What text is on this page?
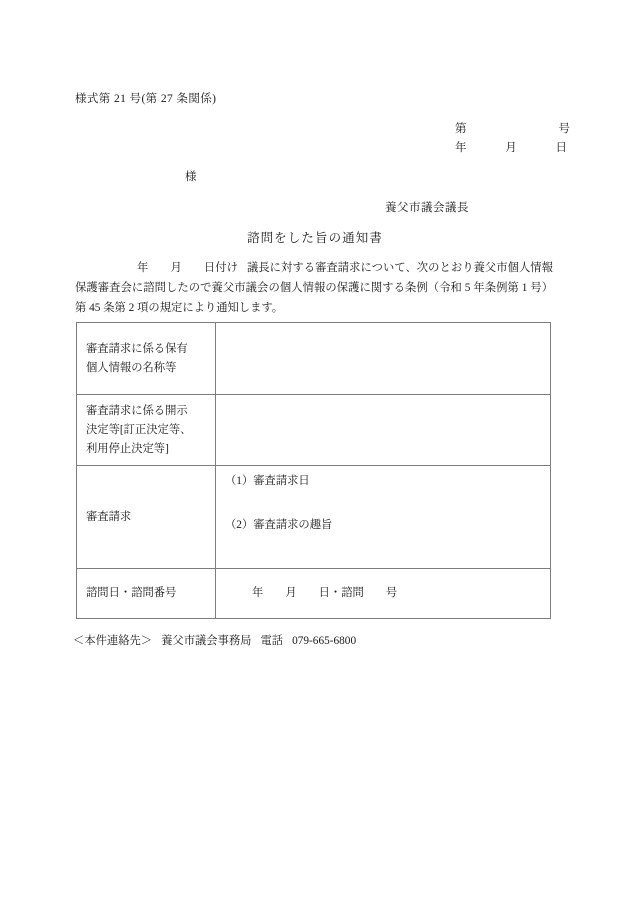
様式第 21 号(第 27 条関係)
第	号
年	月	日
様
養父市議会議長
諮問をした旨の通知書
年 月 日付け 議長に対する審査請求について、次のとおり養父市個人情報保護審査会に諮問したので養父市議会の個人情報の保護に関する条例（令和 5 年条例第 1 号）第 45 条第 2 項の規定により通知します。
審査請求に係る保有
個人情報の名称等	

審査請求に係る開示
決定等[訂正決定等、
利用停止決定等]	

審査請求	（1）審査請求日
（2）審査請求の趣旨

諮問日・諮問番号	年 月 日・諮問 号
＜本件連絡先＞ 養父市議会事務局 電話 079-665-6800
